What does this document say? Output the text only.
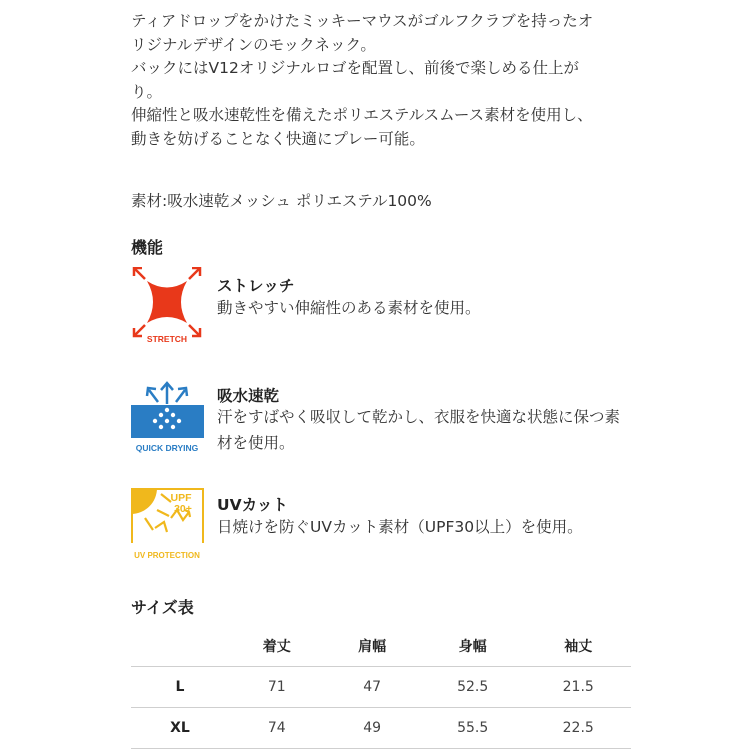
ティアドロップをかけたミッキーマウスがゴルフクラブを持ったオ

リジナルデザインのモックネック。

バックにはV12オリジナルロゴを配置し、前後で楽しめる仕上が

り。

伸縮性と吸水速乾性を備えたポリエステルスムース素材を使用し、

動きを妨げることなく快適にプレー可能。

素材:吸水速乾メッシュ ポリエステル100%
機能
STRETCH
ストレッチ
動きやすい伸縮性のある素材を使用。
QUICK DRYING
吸水速乾
汗をすばやく吸収して乾かし、衣服を快適な状態に保つ素材を使用。
UPF
30+
UV PROTECTION
UVカット
日焼けを防ぐUVカット素材（UPF30以上）を使用。
サイズ表
	着丈	肩幅	身幅	袖丈
L	71	47	52.5	21.5
XL	74	49	55.5	22.5
